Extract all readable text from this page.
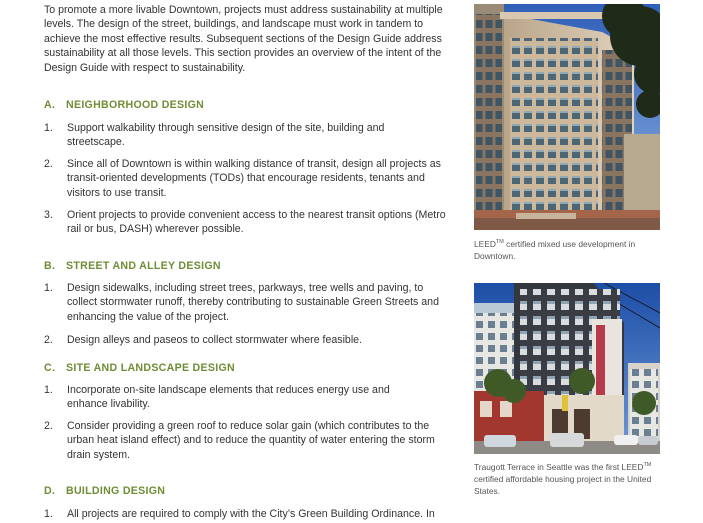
To promote a more livable Downtown, projects must address sustainability at multiple levels. The design of the street, buildings, and landscape must work in tandem to achieve the most effective results. Subsequent sections of the Design Guide address sustainability at all those levels. This section provides an overview of the intent of the Design Guide with respect to sustainability.

A. NEIGHBORHOOD DESIGN
1. Support walkability through sensitive design of the site, building and streetscape.
2. Since all of Downtown is within walking distance of transit, design all projects as transit-oriented developments (TODs) that encourage residents, tenants and visitors to use transit.
3. Orient projects to provide convenient access to the nearest transit options (Metro rail or bus, DASH) wherever possible.
B. STREET AND ALLEY DESIGN
1. Design sidewalks, including street trees, parkways, tree wells and paving, to collect stormwater runoff, thereby contributing to sustainable Green Streets and enhancing the value of the project.
2. Design alleys and paseos to collect stormwater where feasible.
C. SITE AND LANDSCAPE DESIGN
1. Incorporate on-site landscape elements that reduces energy use and enhance livability.
2. Consider providing a green roof to reduce solar gain (which contributes to the urban heat island effect) and to reduce the quantity of water entering the storm drain system.
D. BUILDING DESIGN
1. All projects are required to comply with the City’s Green Building Ordinance. In
LEED™ certified mixed use development in Downtown.
Traugott Terrace in Seattle was the first LEED™ certified affordable housing project in the United States.
